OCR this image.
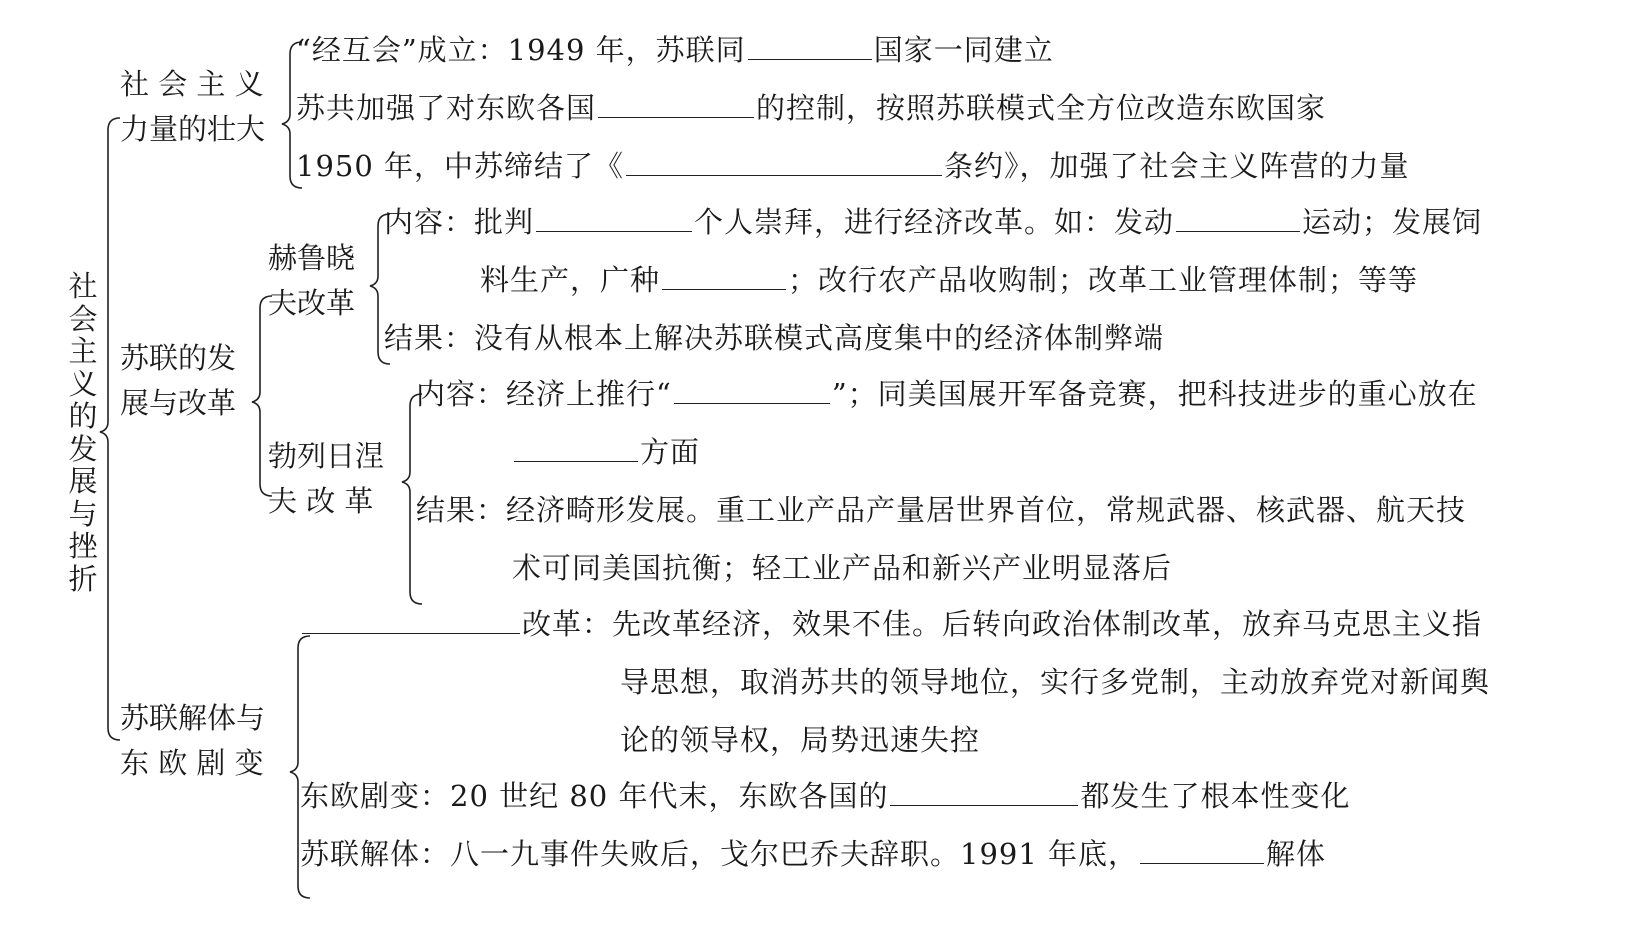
社
会
主
义
的
发
展
与
挫
折
社 会 主 义
力量的壮大
“经互会”成立：1949 年，苏联同	国家一同建立
苏共加强了对东欧各国	的控制，按照苏联模式全方位改造东欧国家
1950 年，中苏缔结了《	条约》，加强了社会主义阵营的力量
苏联的发
展与改革
赫鲁晓
夫改革
内容：批判	个人崇拜，进行经济改革。如：发动	运动；发展饲
料生产，广种	；改行农产品收购制；改革工业管理体制；等等
结果：没有从根本上解决苏联模式高度集中的经济体制弊端
勃列日涅
夫 改 革
内容：经济上推行“	”；同美国展开军备竞赛，把科技进步的重心放在
方面
结果：经济畸形发展。重工业产品产量居世界首位，常规武器、核武器、航天技
术可同美国抗衡；轻工业产品和新兴产业明显落后
苏联解体与
东 欧 剧 变
改革：先改革经济，效果不佳。后转向政治体制改革，放弃马克思主义指
导思想，取消苏共的领导地位，实行多党制，主动放弃党对新闻舆
论的领导权，局势迅速失控
东欧剧变：20 世纪 80 年代末，东欧各国的	都发生了根本性变化
苏联解体：八一九事件失败后，戈尔巴乔夫辞职。1991 年底，	解体
